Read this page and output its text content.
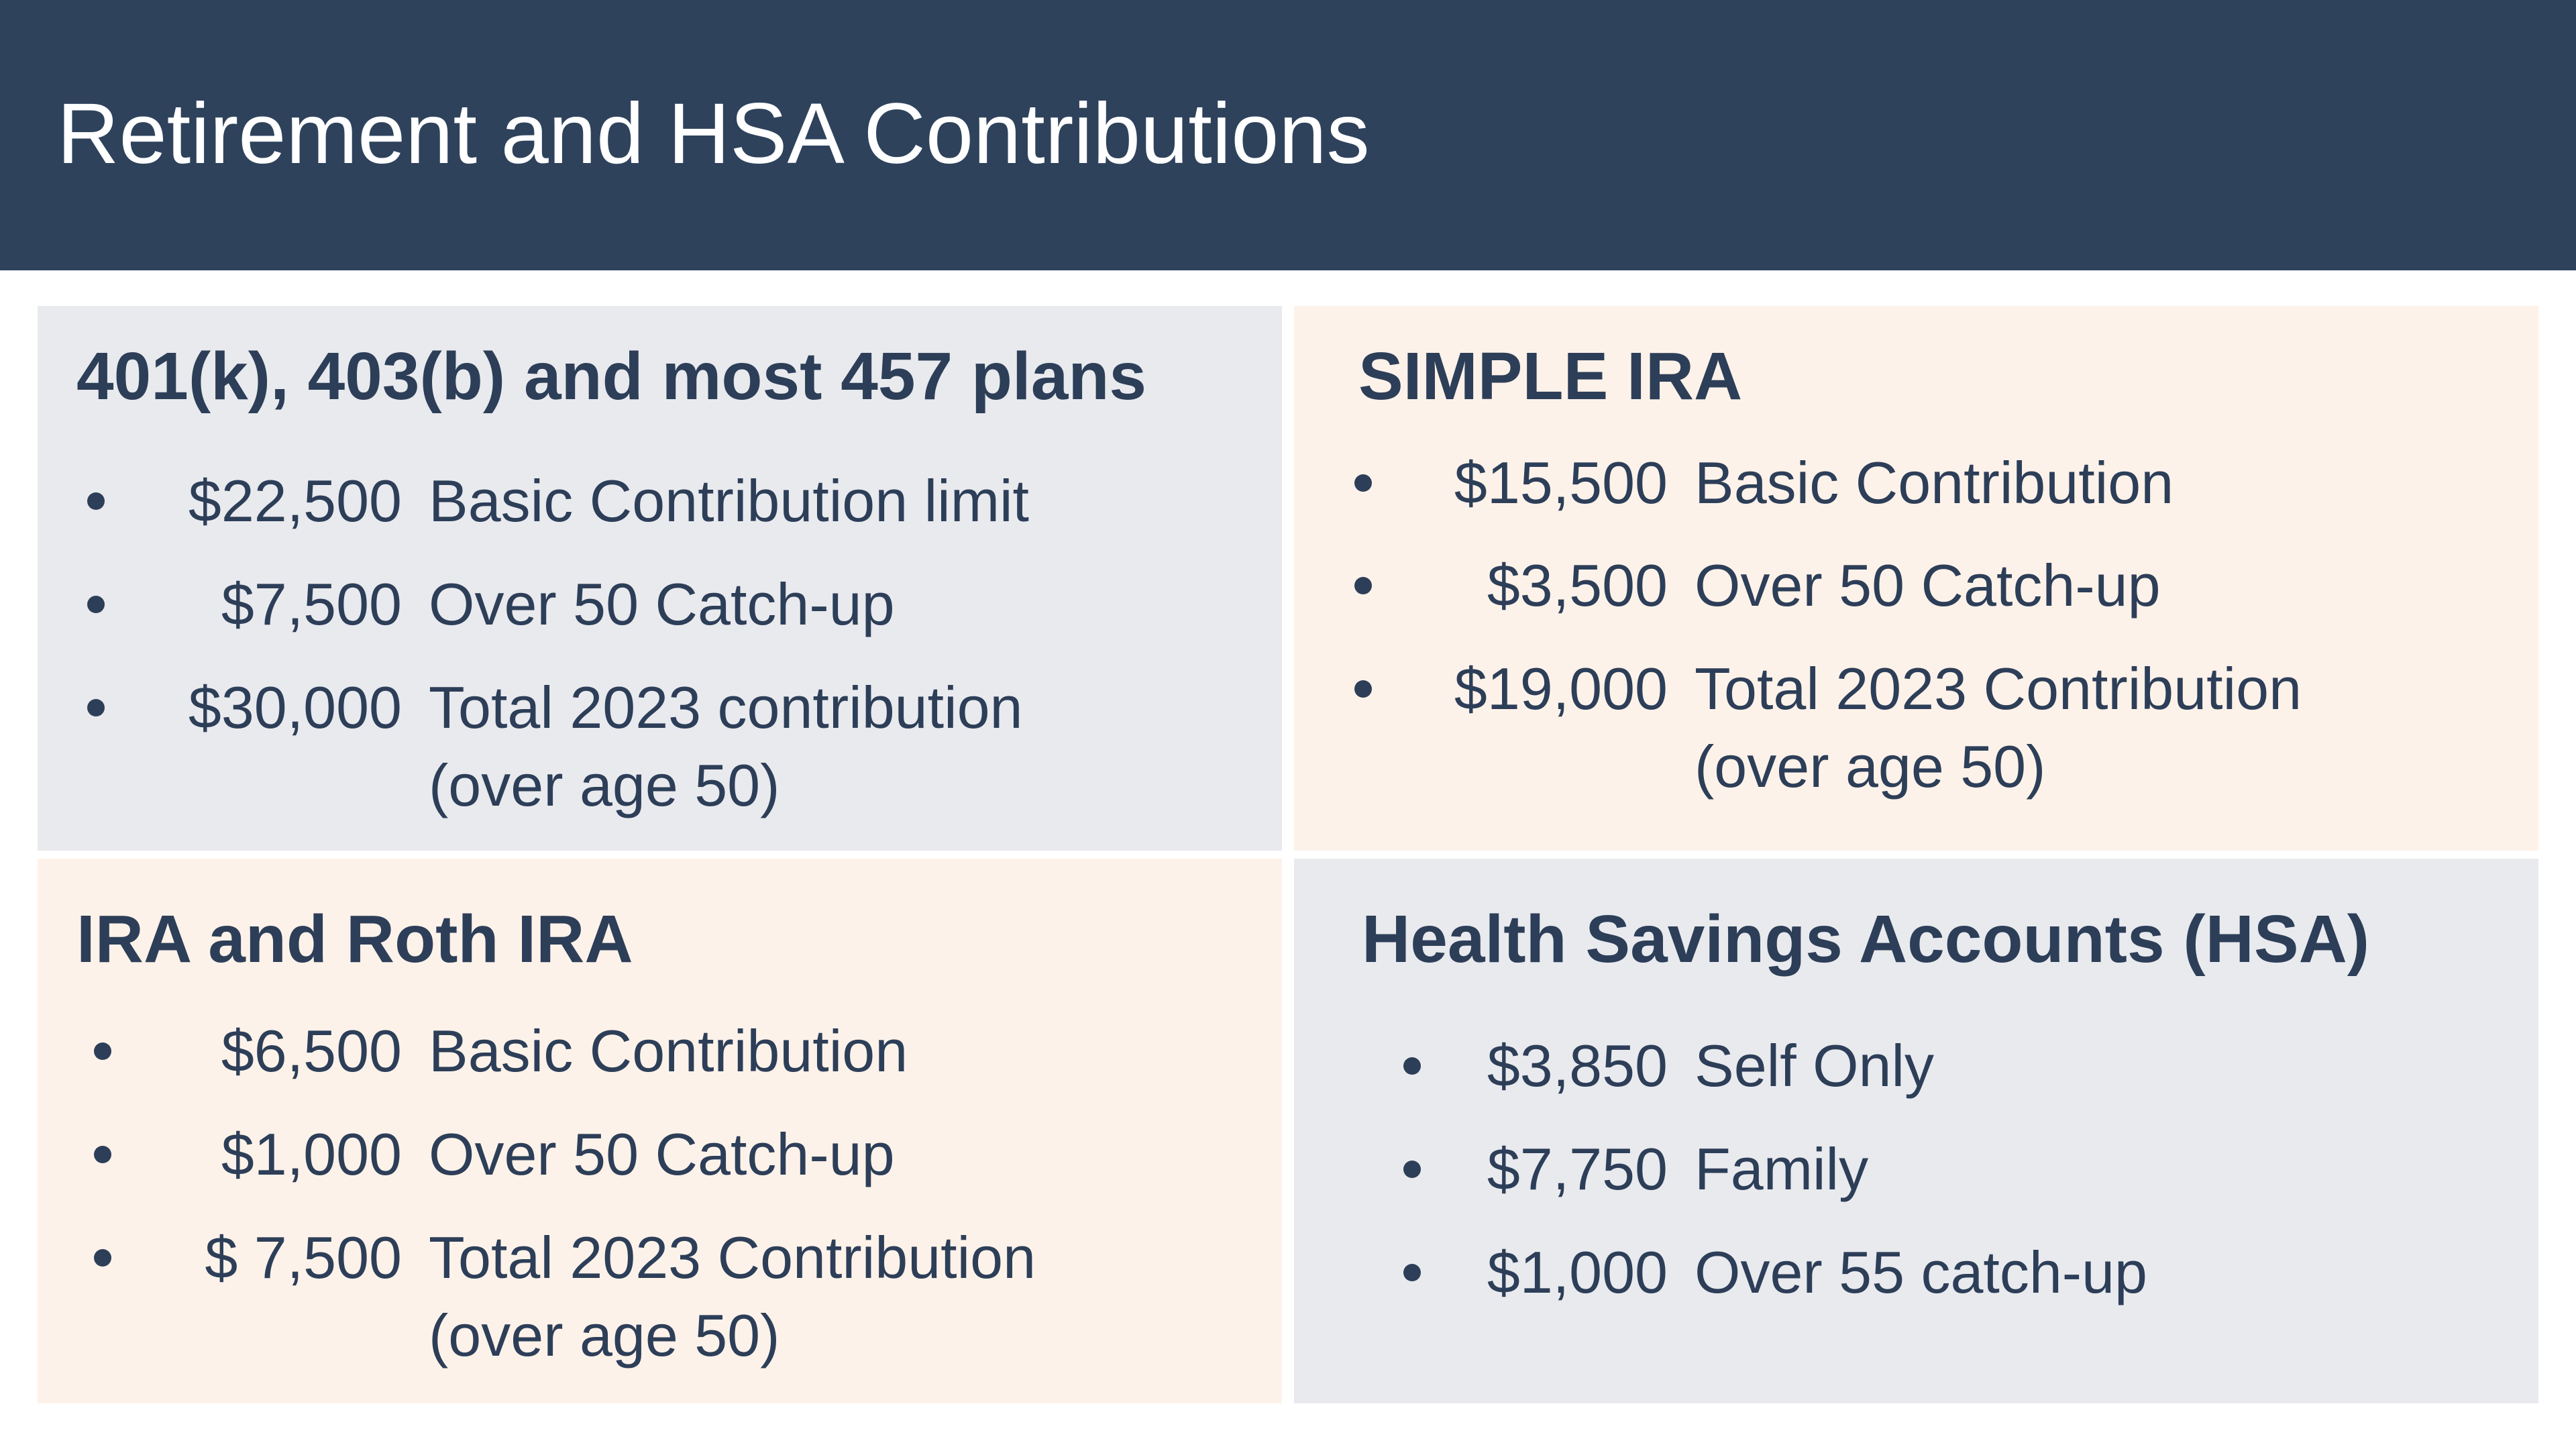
Retirement and HSA Contributions
401(k), 403(b) and most 457 plans
$22,500 Basic Contribution limit
$7,500 Over 50 Catch-up
$30,000 Total 2023 contribution
(over age 50)
SIMPLE IRA
$15,500 Basic Contribution
$3,500 Over 50 Catch-up
$19,000 Total 2023 Contribution
(over age 50)
IRA and Roth IRA
$6,500 Basic Contribution
$1,000 Over 50 Catch-up
$ 7,500 Total 2023 Contribution
(over age 50)
Health Savings Accounts (HSA)
$3,850 Self Only
$7,750 Family
$1,000 Over 55 catch-up
